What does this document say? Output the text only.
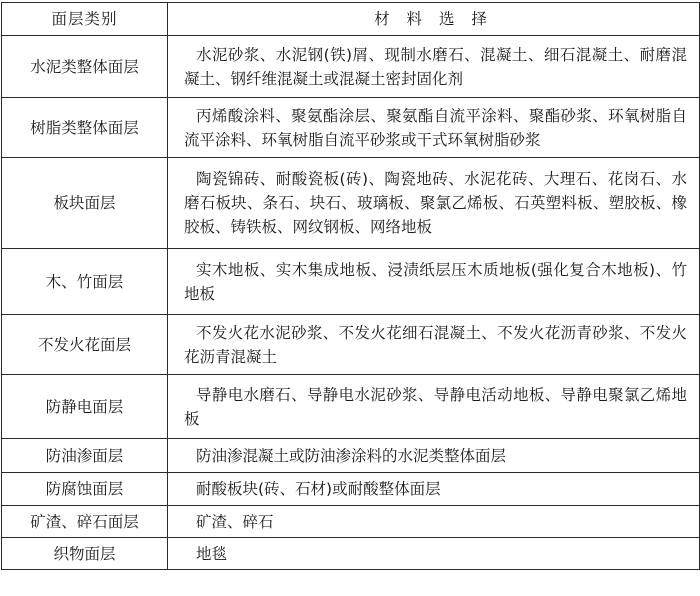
面层类别	材 料 选 择
水泥类整体面层	水泥砂浆、水泥钢(铁)屑、现制水磨石、混凝土、细石混凝土、耐磨混凝土、钢纤维混凝土或混凝土密封固化剂

树脂类整体面层	丙烯酸涂料、聚氨酯涂层、聚氨酯自流平涂料、聚酯砂浆、环氧树脂自流平涂料、环氧树脂自流平砂浆或干式环氧树脂砂浆

板块面层	陶瓷锦砖、耐酸瓷板(砖)、陶瓷地砖、水泥花砖、大理石、花岗石、水磨石板块、条石、块石、玻璃板、聚氯乙烯板、石英塑料板、塑胶板、橡胶板、铸铁板、网纹钢板、网络地板

木、竹面层	实木地板、实木集成地板、浸渍纸层压木质地板(强化复合木地板)、竹地板

不发火花面层	不发火花水泥砂浆、不发火花细石混凝土、不发火花沥青砂浆、不发火花沥青混凝土

防静电面层	导静电水磨石、导静电水泥砂浆、导静电活动地板、导静电聚氯乙烯地板

防油渗面层	防油渗混凝土或防油渗涂料的水泥类整体面层

防腐蚀面层	耐酸板块(砖、石材)或耐酸整体面层

矿渣、碎石面层	矿渣、碎石

织物面层	地毯
